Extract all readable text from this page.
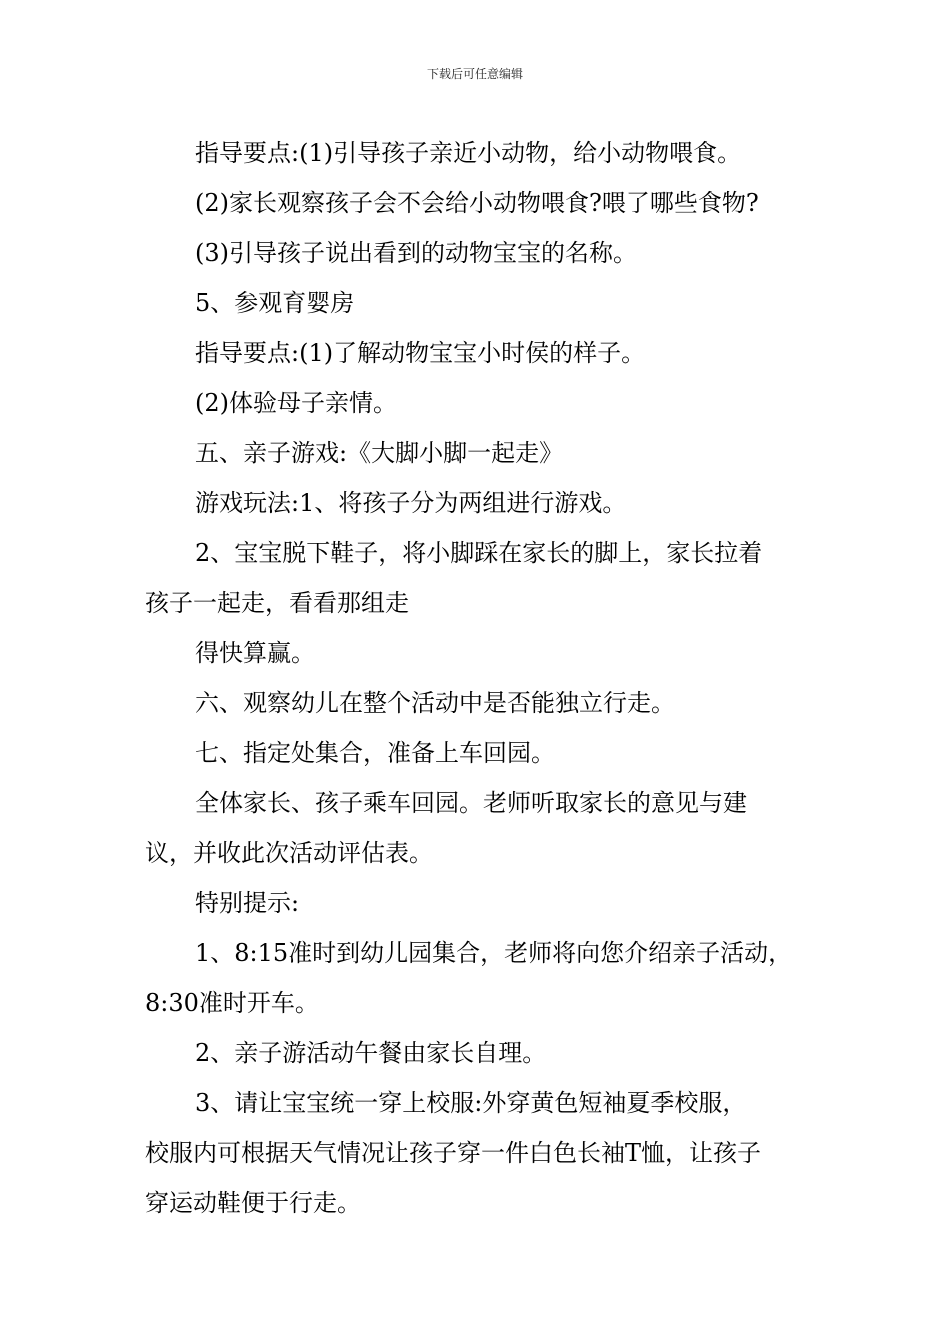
下载后可任意编辑

指导要点:(1)引导孩子亲近小动物，给小动物喂食。

(2)家长观察孩子会不会给小动物喂食?喂了哪些食物?

(3)引导孩子说出看到的动物宝宝的名称。

5、参观育婴房

指导要点:(1)了解动物宝宝小时侯的样子。

(2)体验母子亲情。

五、亲子游戏:《大脚小脚一起走》

游戏玩法:1、将孩子分为两组进行游戏。

2、宝宝脱下鞋子，将小脚踩在家长的脚上，家长拉着

孩子一起走，看看那组走

得快算赢。

六、观察幼儿在整个活动中是否能独立行走。

七、指定处集合，准备上车回园。

全体家长、孩子乘车回园。老师听取家长的意见与建

议，并收此次活动评估表。

特别提示:

1、8:15准时到幼儿园集合，老师将向您介绍亲子活动，

8:30准时开车。

2、亲子游活动午餐由家长自理。

3、请让宝宝统一穿上校服:外穿黄色短袖夏季校服，

校服内可根据天气情况让孩子穿一件白色长袖T恤，让孩子

穿运动鞋便于行走。
